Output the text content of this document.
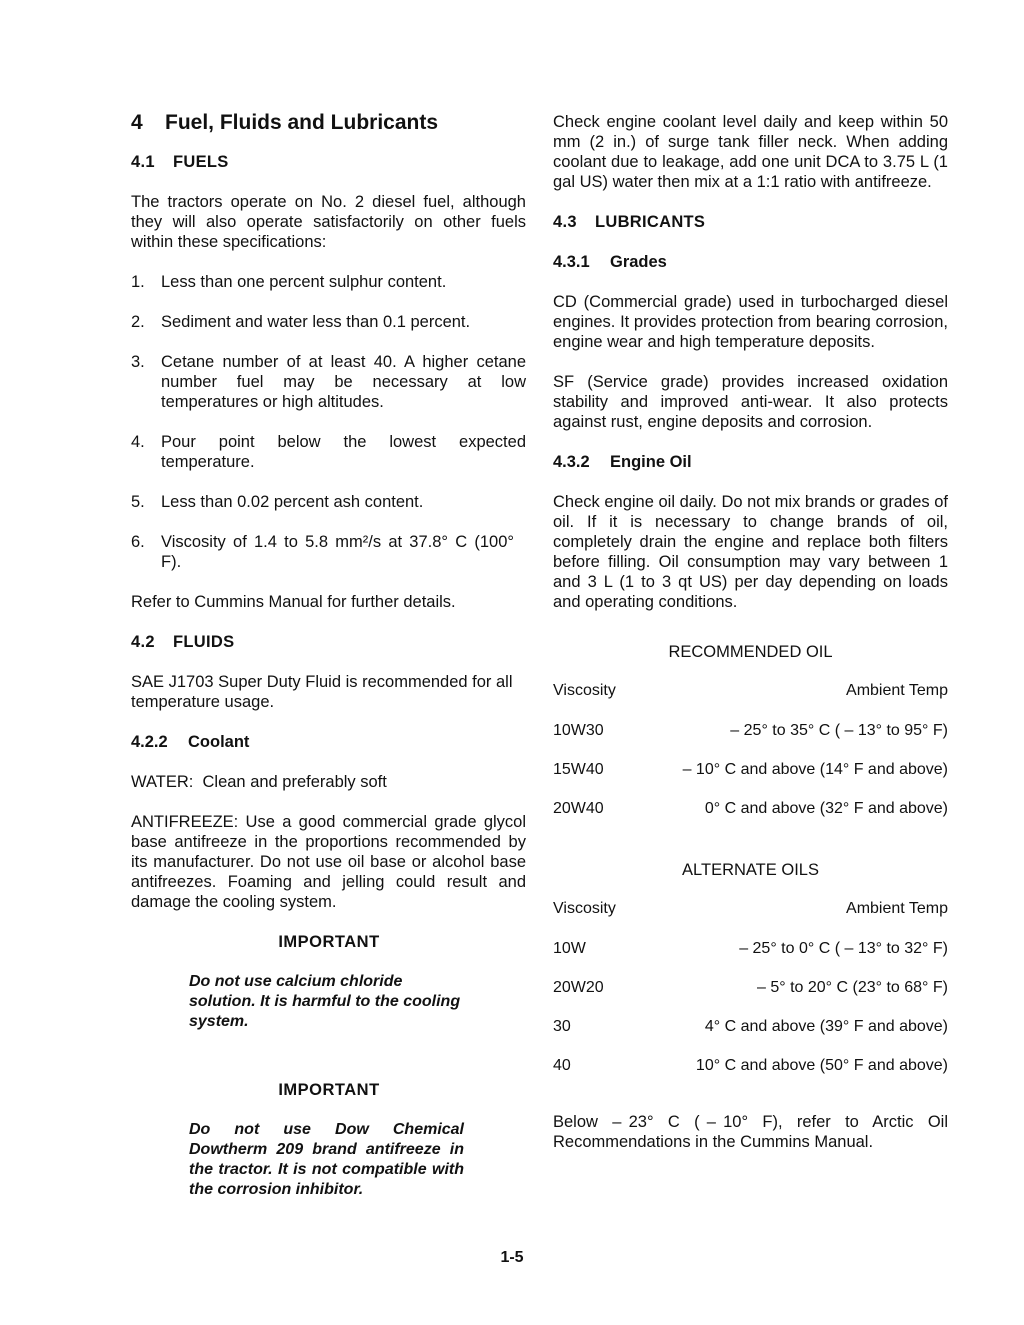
4 Fuel, Fluids and Lubricants

4.1 FUELS

The tractors operate on No. 2 diesel fuel, although they will also operate satisfactorily on other fuels within these specifications:

1. Less than one percent sulphur content.
2. Sediment and water less than 0.1 percent.
3. Cetane number of at least 40. A higher cetane number fuel may be necessary at low temperatures or high altitudes.
4. Pour point below the lowest expected temperature.
5. Less than 0.02 percent ash content.
6. Viscosity of 1.4 to 5.8 mm²/s at 37.8° C (100° F).

Refer to Cummins Manual for further details.

4.2 FLUIDS

SAE J1703 Super Duty Fluid is recommended for all temperature usage.

4.2.2 Coolant

WATER:  Clean and preferably soft

ANTIFREEZE: Use a good commercial grade glycol base antifreeze in the proportions recommended by its manufacturer. Do not use oil base or alcohol base antifreezes. Foaming and jelling could result and damage the cooling system.

IMPORTANT

Do not use calcium chloride solution. It is harmful to the cooling system.

IMPORTANT

Do not use Dow Chemical Dowtherm 209 brand antifreeze in the tractor. It is not compatible with the corrosion inhibitor.

Check engine coolant level daily and keep within 50 mm (2 in.) of surge tank filler neck. When adding coolant due to leakage, add one unit DCA to 3.75 L (1 gal US) water then mix at a 1:1 ratio with antifreeze.

4.3 LUBRICANTS

4.3.1 Grades

CD (Commercial grade) used in turbocharged diesel engines. It provides protection from bearing corrosion, engine wear and high temperature deposits.

SF (Service grade) provides increased oxidation stability and improved anti-wear. It also protects against rust, engine deposits and corrosion.

4.3.2 Engine Oil

Check engine oil daily. Do not mix brands or grades of oil. If it is necessary to change brands of oil, completely drain the engine and replace both filters before filling. Oil consumption may vary between 1 and 3 L (1 to 3 qt US) per day depending on loads and operating conditions.

RECOMMENDED OIL

Viscosity	Ambient Temp
10W30	– 25° to 35° C ( – 13° to 95° F)
15W40	– 10° C and above (14° F and above)
20W40	0° C and above (32° F and above)

ALTERNATE OILS

Viscosity	Ambient Temp
10W	– 25° to 0° C ( – 13° to 32° F)
20W20	– 5° to 20° C (23° to 68° F)
30	4° C and above (39° F and above)
40	10° C and above (50° F and above)

Below  – 23°  C  ( – 10°  F),  refer  to  Arctic  Oil Recommendations in the Cummins Manual.

1-5
